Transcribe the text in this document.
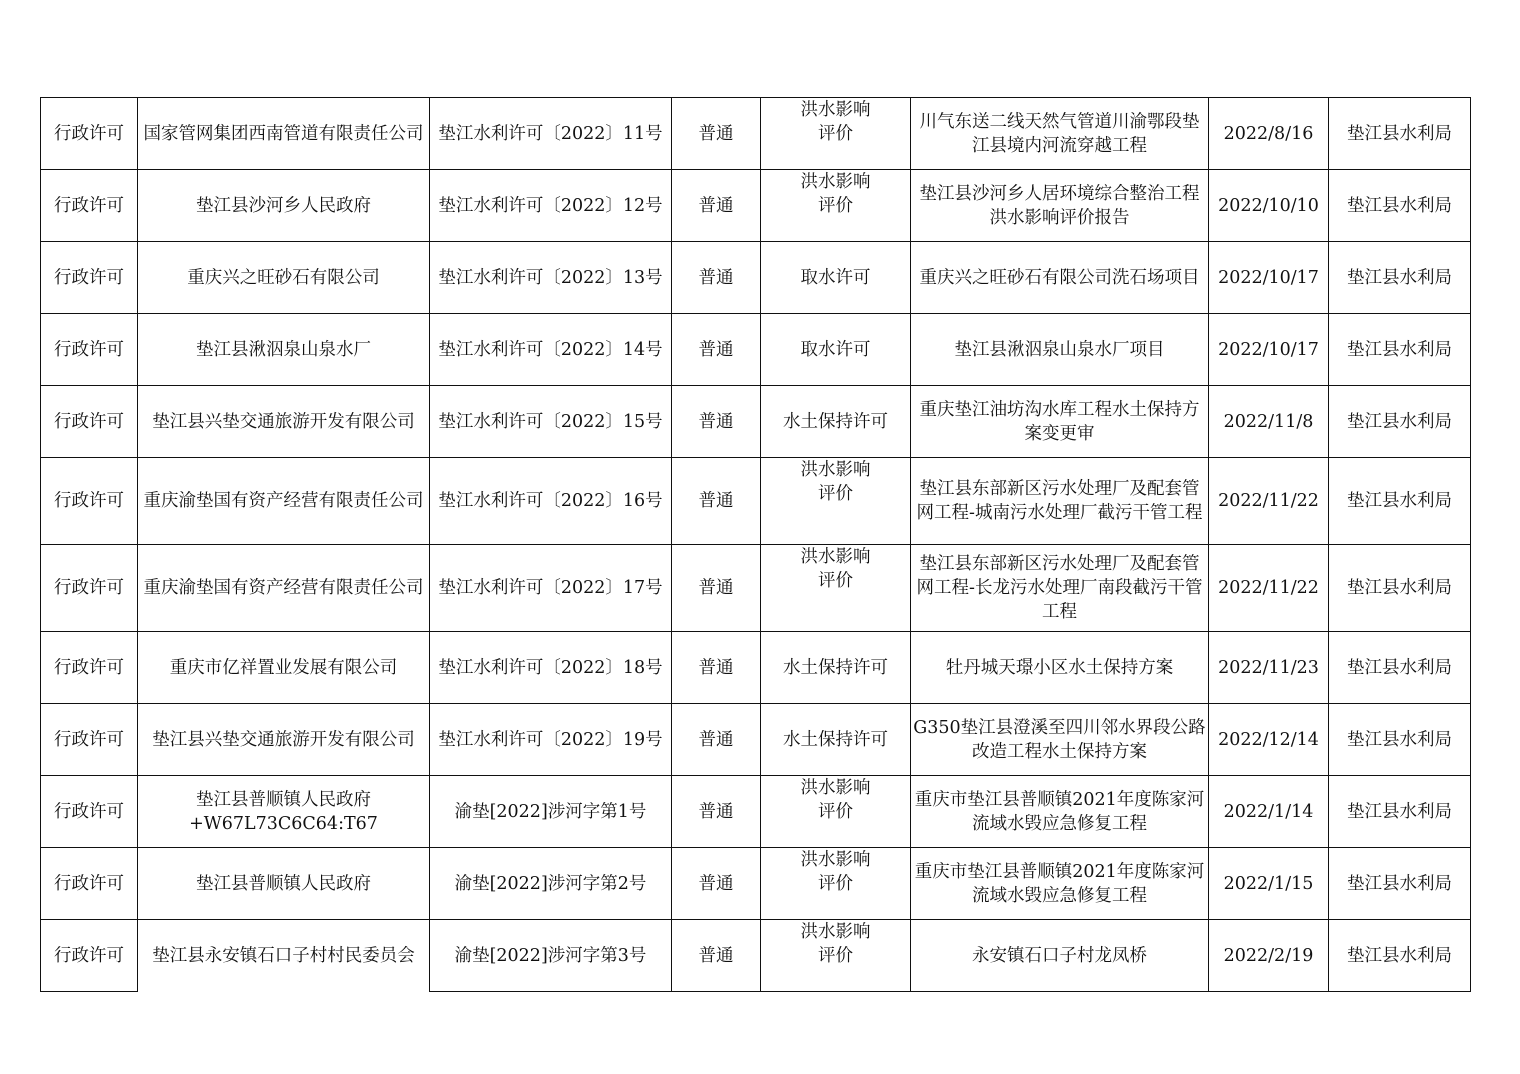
行政许可	国家管网集团西南管道有限责任公司	垫江水利许可〔2022〕11号	普通	洪水影响评价	川气东送二线天然气管道川渝鄂段垫江县境内河流穿越工程	2022/8/16	垫江县水利局

行政许可	垫江县沙河乡人民政府	垫江水利许可〔2022〕12号	普通	洪水影响评价	垫江县沙河乡人居环境综合整治工程洪水影响评价报告	2022/10/10	垫江县水利局

行政许可	重庆兴之旺砂石有限公司	垫江水利许可〔2022〕13号	普通	取水许可	重庆兴之旺砂石有限公司洗石场项目	2022/10/17	垫江县水利局

行政许可	垫江县湫泅泉山泉水厂	垫江水利许可〔2022〕14号	普通	取水许可	垫江县湫泅泉山泉水厂项目	2022/10/17	垫江县水利局

行政许可	垫江县兴垫交通旅游开发有限公司	垫江水利许可〔2022〕15号	普通	水土保持许可	重庆垫江油坊沟水库工程水土保持方案变更审	2022/11/8	垫江县水利局

行政许可	重庆渝垫国有资产经营有限责任公司	垫江水利许可〔2022〕16号	普通	洪水影响评价	垫江县东部新区污水处理厂及配套管网工程-城南污水处理厂截污干管工程	2022/11/22	垫江县水利局

行政许可	重庆渝垫国有资产经营有限责任公司	垫江水利许可〔2022〕17号	普通	洪水影响评价	垫江县东部新区污水处理厂及配套管网工程-长龙污水处理厂南段截污干管工程	2022/11/22	垫江县水利局

行政许可	重庆市亿祥置业发展有限公司	垫江水利许可〔2022〕18号	普通	水土保持许可	牡丹城天璟小区水土保持方案	2022/11/23	垫江县水利局

行政许可	垫江县兴垫交通旅游开发有限公司	垫江水利许可〔2022〕19号	普通	水土保持许可	G350垫江县澄溪至四川邻水界段公路改造工程水土保持方案	2022/12/14	垫江县水利局

行政许可	垫江县普顺镇人民政府+W67L73C6C64:T67	渝垫[2022]涉河字第1号	普通	洪水影响评价	重庆市垫江县普顺镇2021年度陈家河流域水毁应急修复工程	2022/1/14	垫江县水利局

行政许可	垫江县普顺镇人民政府	渝垫[2022]涉河字第2号	普通	洪水影响评价	重庆市垫江县普顺镇2021年度陈家河流域水毁应急修复工程	2022/1/15	垫江县水利局

行政许可	垫江县永安镇石口子村村民委员会	渝垫[2022]涉河字第3号	普通	洪水影响评价	永安镇石口子村龙凤桥	2022/2/19	垫江县水利局
